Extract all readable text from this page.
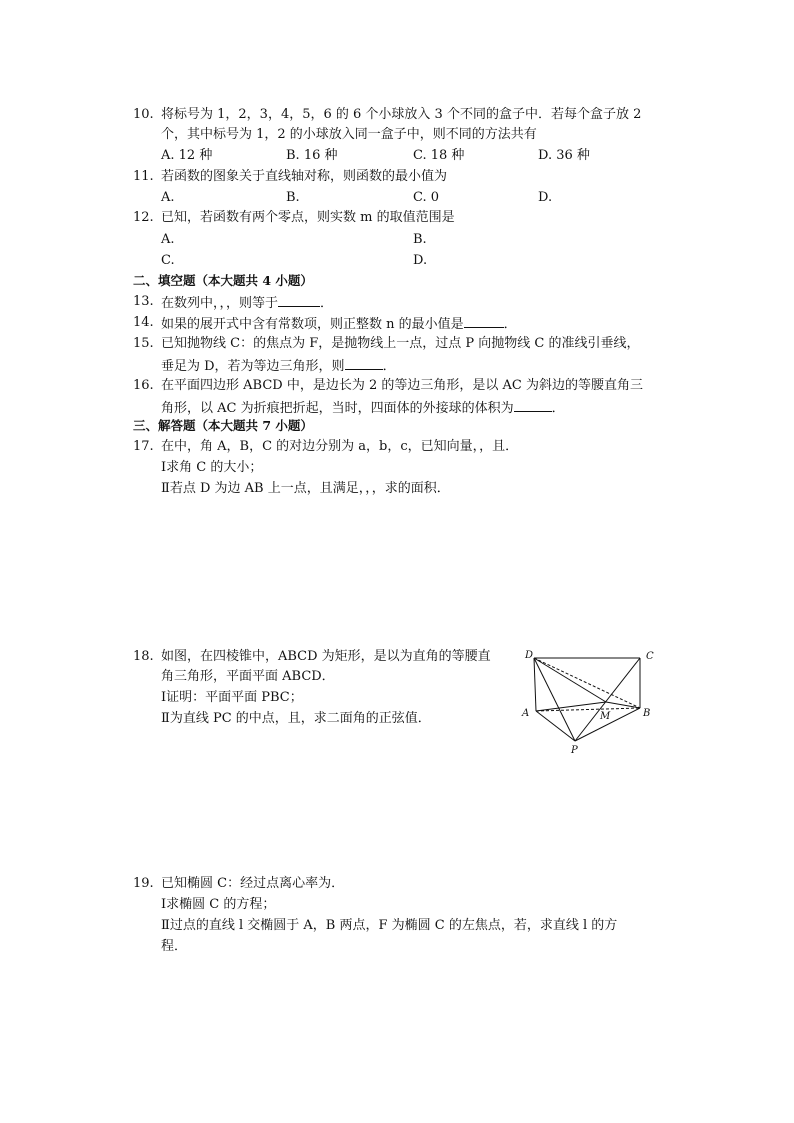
10. 将标号为 1，2，3，4，5，6 的 6 个小球放入 3 个不同的盒子中．若每个盒子放 2
个，其中标号为 1，2 的小球放入同一盒子中，则不同的方法共有
A. 12 种	B. 16 种	C. 18 种	D. 36 种
11. 若函数的图象关于直线轴对称，则函数的最小值为
A.	B.	C. 0	D.
12. 已知，若函数有两个零点，则实数 m 的取值范围是
A.	B.
C.	D.
二、填空题（本大题共 4 小题）
13. 在数列中，，，则等于	．
14. 如果的展开式中含有常数项，则正整数 n 的最小值是	．
15. 已知抛物线 C：的焦点为 F，是抛物线上一点，过点 P 向抛物线 C 的准线引垂线，
垂足为 D，若为等边三角形，则	．
16. 在平面四边形 ABCD 中，是边长为 2 的等边三角形，是以 AC 为斜边的等腰直角三
角形，以 AC 为折痕把折起，当时，四面体的外接球的体积为	．
三、解答题（本大题共 7 小题）
17. 在中，角 A，B，C 的对边分别为 a，b，c，已知向量，，且．
Ⅰ求角 C 的大小；
Ⅱ若点 D 为边 AB 上一点，且满足，，，求的面积．
18. 如图，在四棱锥中，ABCD 为矩形，是以为直角的等腰直
角三角形，平面平面 ABCD．
Ⅰ证明：平面平面 PBC；
Ⅱ为直线 PC 的中点，且，求二面角的正弦值．
D	C
A	M	B
P
19. 已知椭圆 C：经过点离心率为．
Ⅰ求椭圆 C 的方程；
Ⅱ过点的直线 l 交椭圆于 A，B 两点，F 为椭圆 C 的左焦点，若，求直线 l 的方
程．
